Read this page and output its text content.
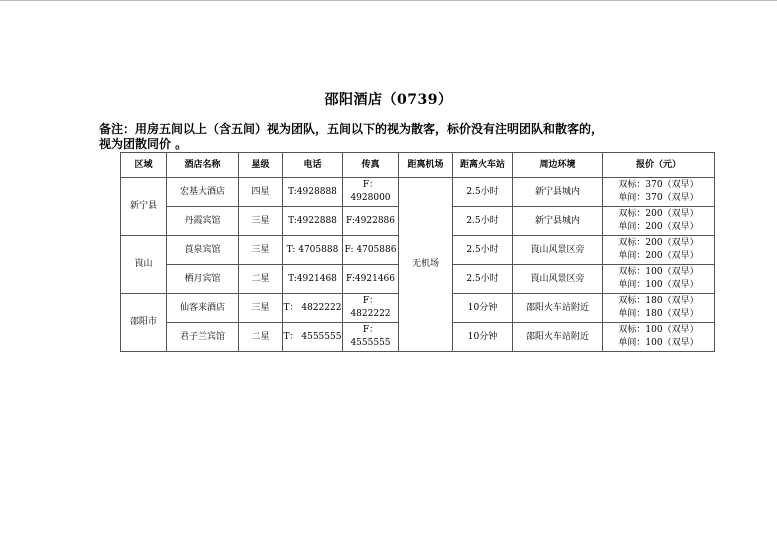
邵阳酒店（0739）
备注：用房五间以上（含五间）视为团队，五间以下的视为散客，标价没有注明团队和散客的，
视为团散同价 。
区域	酒店名称	星级	电话	传真	距离机场	距离火车站	周边环境	报价（元）
新宁县	宏基大酒店	四星	T:4928888	F：4928000	无机场	2.5小时	新宁县城内	双标：370（双早）
单间：370（双早）

	丹霞宾馆	三星	T:4922888	F:4922886		2.5小时	新宁县城内	双标：200（双早）
单间：200（双早）

崀山	莨泉宾馆	三星	T: 4705888	F: 4705886		2.5小时	崀山风景区旁	双标：200（双早）
单间：200（双早）

	栖月宾馆	二星	T:4921468	F:4921466		2.5小时	崀山风景区旁	双标：100（双早）
单间：100（双早）

邵阳市	仙客来酒店	三星	T： 4822222	F： 4822222		10分钟	邵阳火车站附近	双标：180（双早）
单间：180（双早）

	君子兰宾馆	二星	T： 4555555	F： 4555555		10分钟	邵阳火车站附近	双标：100（双早）
单间：100（双早）
